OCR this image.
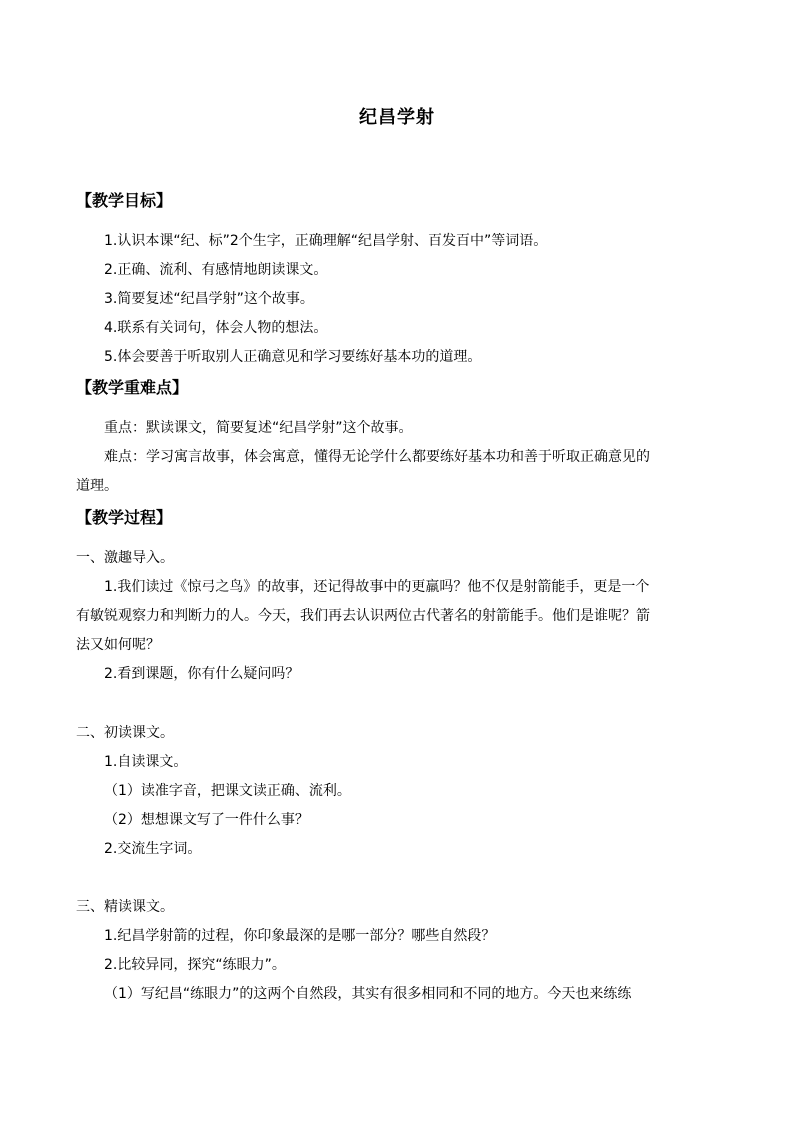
纪昌学射
【教学目标】
1.认识本课“纪、标”2个生字，正确理解“纪昌学射、百发百中”等词语。
2.正确、流利、有感情地朗读课文。
3.简要复述“纪昌学射”这个故事。
4.联系有关词句，体会人物的想法。
5.体会要善于听取别人正确意见和学习要练好基本功的道理。
【教学重难点】
重点：默读课文，简要复述“纪昌学射”这个故事。
难点：学习寓言故事，体会寓意，懂得无论学什么都要练好基本功和善于听取正确意见的
道理。
【教学过程】
一、激趣导入。
1.我们读过《惊弓之鸟》的故事，还记得故事中的更羸吗？他不仅是射箭能手，更是一个
有敏锐观察力和判断力的人。今天，我们再去认识两位古代著名的射箭能手。他们是谁呢？箭
法又如何呢？
2.看到课题，你有什么疑问吗？
二、初读课文。
1.自读课文。
（1）读准字音，把课文读正确、流利。
（2）想想课文写了一件什么事？
2.交流生字词。
三、精读课文。
1.纪昌学射箭的过程，你印象最深的是哪一部分？哪些自然段？
2.比较异同，探究“练眼力”。
（1）写纪昌“练眼力”的这两个自然段，其实有很多相同和不同的地方。今天也来练练
